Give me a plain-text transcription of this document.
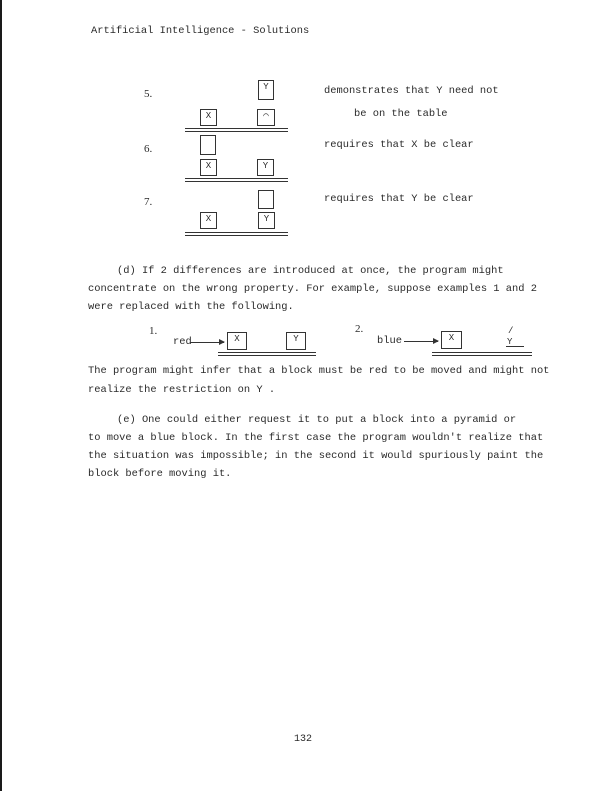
Artificial Intelligence - Solutions
5.
Y
X	⌒
demonstrates that Y need not
be on the table
6.
X	Y
requires that X be clear
7.
X	Y
requires that Y be clear
(d) If 2 differences are introduced at once, the program might
concentrate on the wrong property. For example, suppose examples 1 and 2
were replaced with the following.
1.
red	X	Y
2.
blue	X
/
Y
The program might infer that a block must be red to be moved and might not
realize the restriction on Y .
(e) One could either request it to put a block into a pyramid or
to move a blue block. In the first case the program wouldn't realize that
the situation was impossible; in the second it would spuriously paint the
block before moving it.
132
